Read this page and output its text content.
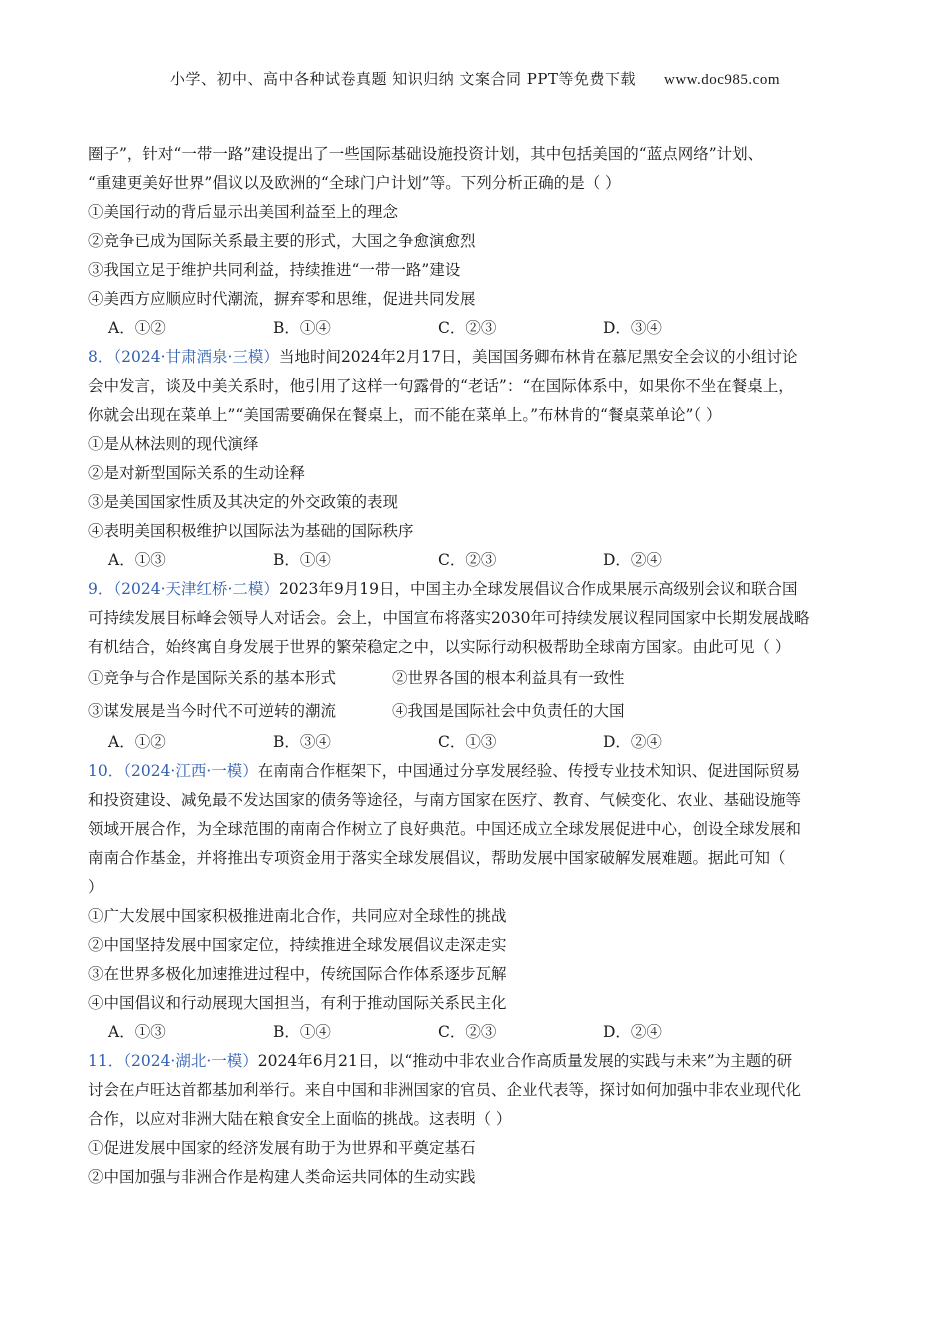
小学、初中、高中各种试卷真题 知识归纳 文案合同 PPT等免费下载 www.doc985.com
圈子”，针对“一带一路”建设提出了一些国际基础设施投资计划，其中包括美国的“蓝点网络”计划、
“重建更美好世界”倡议以及欧洲的“全球门户计划”等。下列分析正确的是（ ）
①美国行动的背后显示出美国利益至上的理念
②竞争已成为国际关系最主要的形式，大国之争愈演愈烈
③我国立足于维护共同利益，持续推进“一带一路”建设
④美西方应顺应时代潮流，摒弃零和思维，促进共同发展
A．①②	B．①④	C．②③	D．③④
8．（2024·甘肃酒泉·三模）当地时间2024年2月17日，美国国务卿布林肯在慕尼黑安全会议的小组讨论
会中发言，谈及中美关系时，他引用了这样一句露骨的“老话”：“在国际体系中，如果你不坐在餐桌上，
你就会出现在菜单上”“美国需要确保在餐桌上，而不能在菜单上。”布林肯的“餐桌菜单论”（ ）
①是从林法则的现代演绎
②是对新型国际关系的生动诠释
③是美国国家性质及其决定的外交政策的表现
④表明美国积极维护以国际法为基础的国际秩序
A．①③	B．①④	C．②③	D．②④
9．（2024·天津红桥·二模）2023年9月19日，中国主办全球发展倡议合作成果展示高级别会议和联合国
可持续发展目标峰会领导人对话会。会上，中国宣布将落实2030年可持续发展议程同国家中长期发展战略
有机结合，始终寓自身发展于世界的繁荣稳定之中，以实际行动积极帮助全球南方国家。由此可见（ ）
①竞争与合作是国际关系的基本形式	②世界各国的根本利益具有一致性
③谋发展是当今时代不可逆转的潮流	④我国是国际社会中负责任的大国
A．①②	B．③④	C．①③	D．②④
10．（2024·江西·一模）在南南合作框架下，中国通过分享发展经验、传授专业技术知识、促进国际贸易
和投资建设、减免最不发达国家的债务等途径，与南方国家在医疗、教育、气候变化、农业、基础设施等
领域开展合作，为全球范围的南南合作树立了良好典范。中国还成立全球发展促进中心，创设全球发展和
南南合作基金，并将推出专项资金用于落实全球发展倡议，帮助发展中国家破解发展难题。据此可知（
）
①广大发展中国家积极推进南北合作，共同应对全球性的挑战
②中国坚持发展中国家定位，持续推进全球发展倡议走深走实
③在世界多极化加速推进过程中，传统国际合作体系逐步瓦解
④中国倡议和行动展现大国担当，有利于推动国际关系民主化
A．①③	B．①④	C．②③	D．②④
11．（2024·湖北·一模）2024年6月21日，以“推动中非农业合作高质量发展的实践与未来”为主题的研
讨会在卢旺达首都基加利举行。来自中国和非洲国家的官员、企业代表等，探讨如何加强中非农业现代化
合作，以应对非洲大陆在粮食安全上面临的挑战。这表明（ ）
①促进发展中国家的经济发展有助于为世界和平奠定基石
②中国加强与非洲合作是构建人类命运共同体的生动实践
